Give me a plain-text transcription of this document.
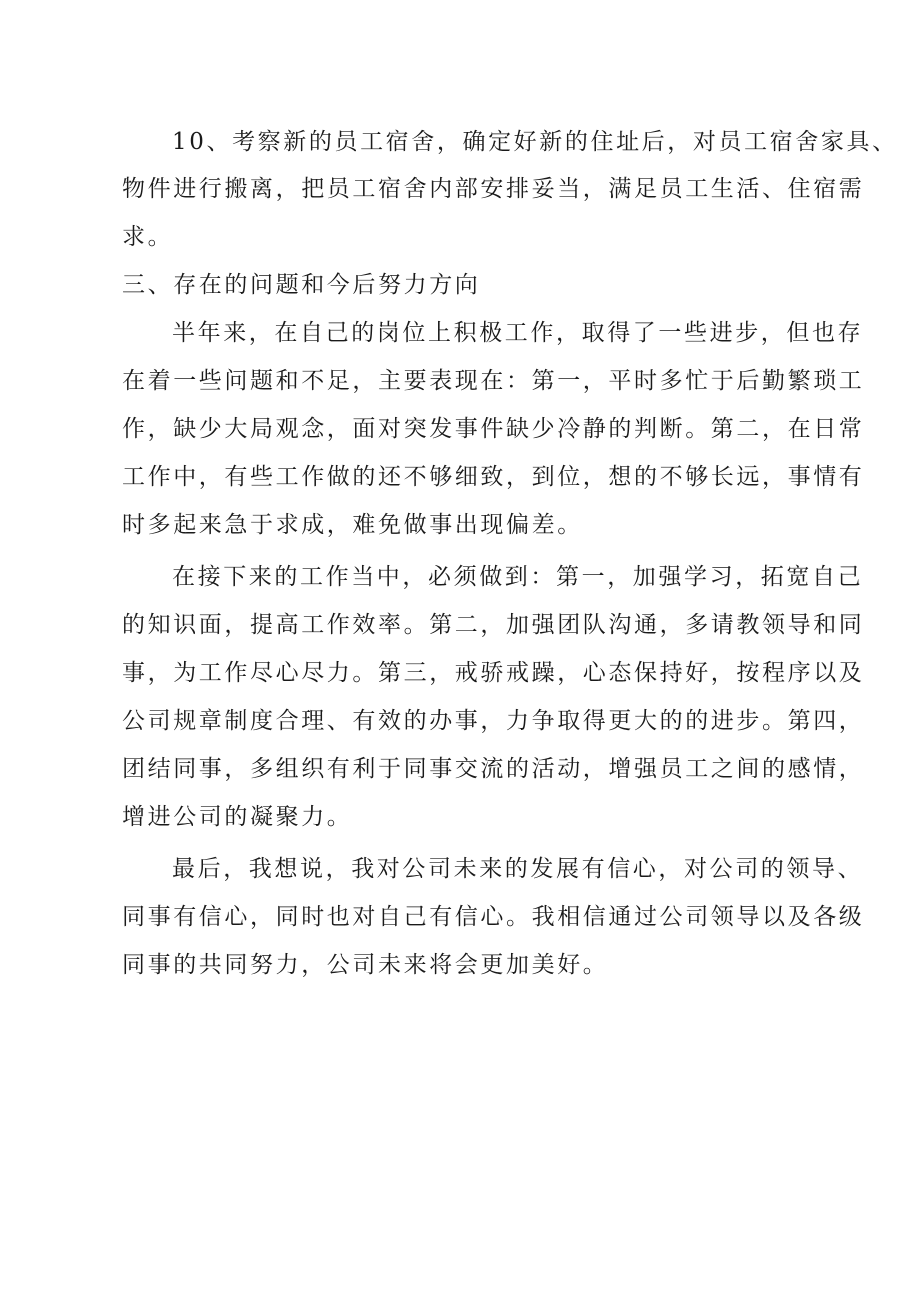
10、考察新的员工宿舍，确定好新的住址后，对员工宿舍家具、

物件进行搬离，把员工宿舍内部安排妥当，满足员工生活、住宿需

求。

三、存在的问题和今后努力方向

半年来，在自己的岗位上积极工作，取得了一些进步，但也存

在着一些问题和不足，主要表现在：第一，平时多忙于后勤繁琐工

作，缺少大局观念，面对突发事件缺少冷静的判断。第二，在日常

工作中，有些工作做的还不够细致，到位，想的不够长远，事情有

时多起来急于求成，难免做事出现偏差。

在接下来的工作当中，必须做到：第一，加强学习，拓宽自己

的知识面，提高工作效率。第二，加强团队沟通，多请教领导和同

事，为工作尽心尽力。第三，戒骄戒躁，心态保持好，按程序以及

公司规章制度合理、有效的办事，力争取得更大的的进步。第四，

团结同事，多组织有利于同事交流的活动，增强员工之间的感情，

增进公司的凝聚力。

最后，我想说，我对公司未来的发展有信心，对公司的领导、

同事有信心，同时也对自己有信心。我相信通过公司领导以及各级

同事的共同努力，公司未来将会更加美好。
